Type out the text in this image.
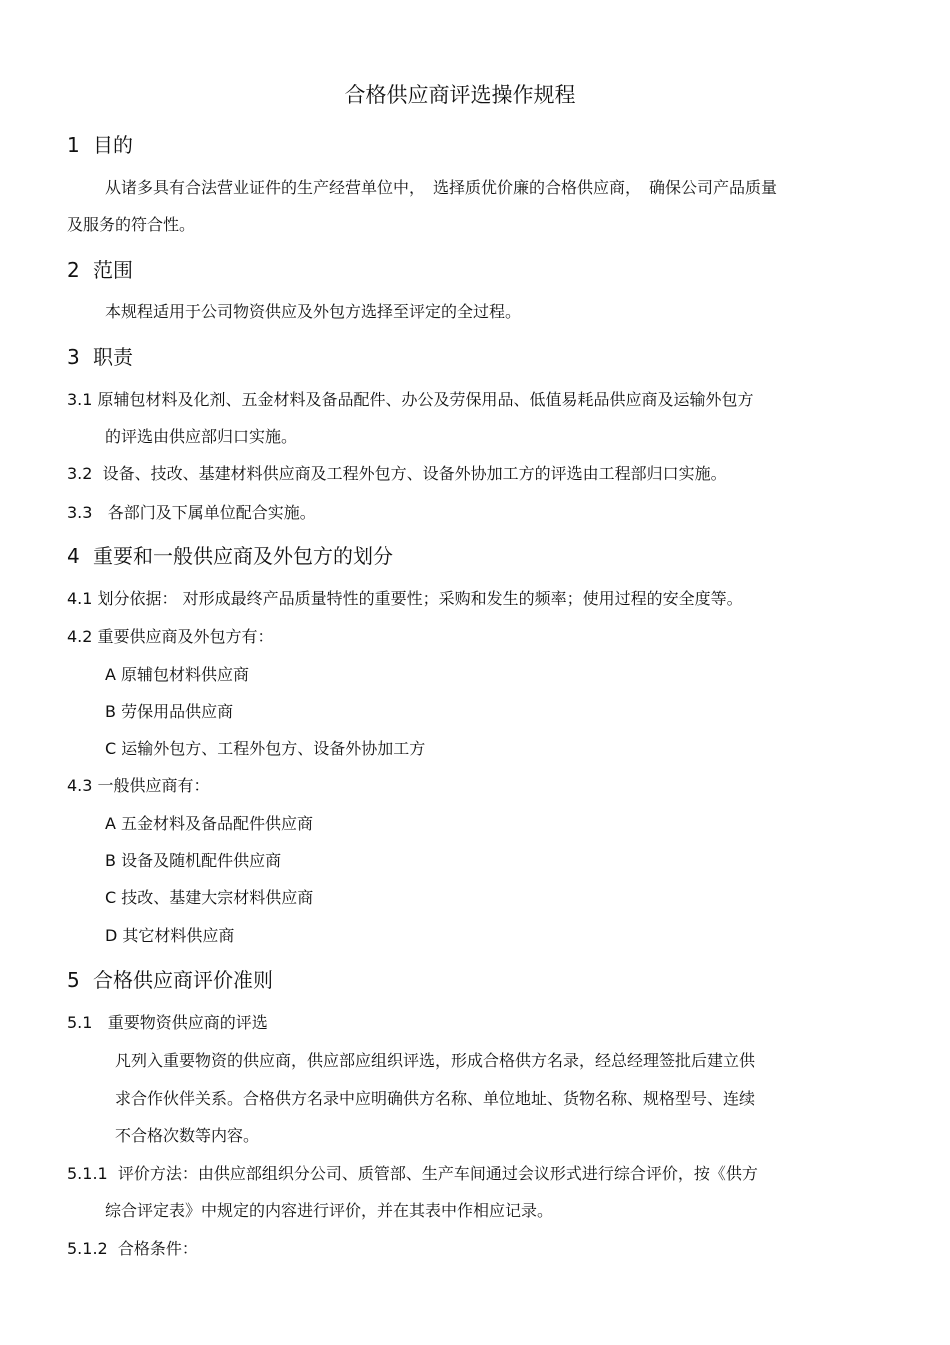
合格供应商评选操作规程
1 目的

从诸多具有合法营业证件的生产经营单位中，　选择质优价廉的合格供应商，　确保公司产品质量

及服务的符合性。

2 范围

本规程适用于公司物资供应及外包方选择至评定的全过程。

3 职责

3.1 原辅包材料及化剂、五金材料及备品配件、办公及劳保用品、低值易耗品供应商及运输外包方

的评选由供应部归口实施。

3.2 设备、技改、基建材料供应商及工程外包方、设备外协加工方的评选由工程部归口实施。

3.3 各部门及下属单位配合实施。

4 重要和一般供应商及外包方的划分

4.1 划分依据： 对形成最终产品质量特性的重要性；采购和发生的频率；使用过程的安全度等。

4.2 重要供应商及外包方有：

A 原辅包材料供应商

B 劳保用品供应商

C 运输外包方、工程外包方、设备外协加工方

4.3 一般供应商有：

A 五金材料及备品配件供应商

B 设备及随机配件供应商

C 技改、基建大宗材料供应商

D 其它材料供应商

5 合格供应商评价准则

5.1 重要物资供应商的评选

凡列入重要物资的供应商，供应部应组织评选，形成合格供方名录，经总经理签批后建立供

求合作伙伴关系。合格供方名录中应明确供方名称、单位地址、货物名称、规格型号、连续

不合格次数等内容。

5.1.1 评价方法：由供应部组织分公司、质管部、生产车间通过会议形式进行综合评价，按《供方

综合评定表》中规定的内容进行评价，并在其表中作相应记录。

5.1.2 合格条件：
